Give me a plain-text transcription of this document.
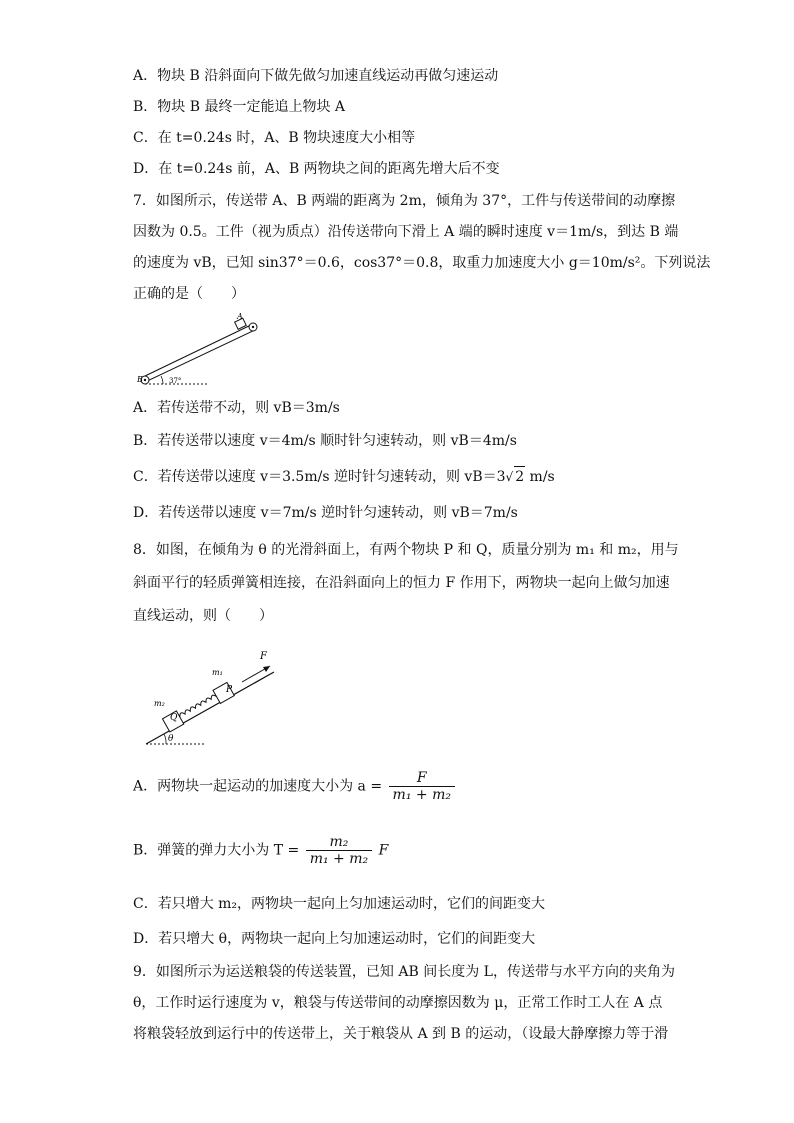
A．物块 B 沿斜面向下做先做匀加速直线运动再做匀速运动
B．物块 B 最终一定能追上物块 A
C．在 t=0.24s 时，A、B 物块速度大小相等
D．在 t=0.24s 前，A、B 两物块之间的距离先增大后不变
7．如图所示，传送带 A、B 两端的距离为 2m，倾角为 37°，工件与传送带间的动摩擦
因数为 0.5。工件（视为质点）沿传送带向下滑上 A 端的瞬时速度 v＝1m/s，到达 B 端
的速度为 vB，已知 sin37°＝0.6，cos37°＝0.8，取重力加速度大小 g＝10m/s²。下列说法
正确的是（　　）
A
B	37°
A．若传送带不动，则 vB＝3m/s
B．若传送带以速度 v＝4m/s 顺时针匀速转动，则 vB＝4m/s
C．若传送带以速度 v＝3.5m/s 逆时针匀速转动，则 vB＝3√ 2 m/s
D．若传送带以速度 v＝7m/s 逆时针匀速转动，则 vB＝7m/s
8．如图，在倾角为 θ 的光滑斜面上，有两个物块 P 和 Q，质量分别为 m₁ 和 m₂，用与
斜面平行的轻质弹簧相连接，在沿斜面向上的恒力 F 作用下，两物块一起向上做匀加速
直线运动，则（　　）
F
m₁
m₂
P
Q
θ
A．两物块一起运动的加速度大小为 $a = \frac{F}{\text{m₁ + m₂}}$
B．弹簧的弹力大小为 $T = \frac{\text{m₂}}{\text{m₁ + m₂}}$ F
C．若只增大 m₂，两物块一起向上匀加速运动时，它们的间距变大
D．若只增大 θ，两物块一起向上匀加速运动时，它们的间距变大
9．如图所示为运送粮袋的传送装置，已知 AB 间长度为 L，传送带与水平方向的夹角为
θ，工作时运行速度为 v，粮袋与传送带间的动摩擦因数为 μ，正常工作时工人在 A 点
将粮袋轻放到运行中的传送带上，关于粮袋从 A 到 B 的运动，（设最大静摩擦力等于滑
